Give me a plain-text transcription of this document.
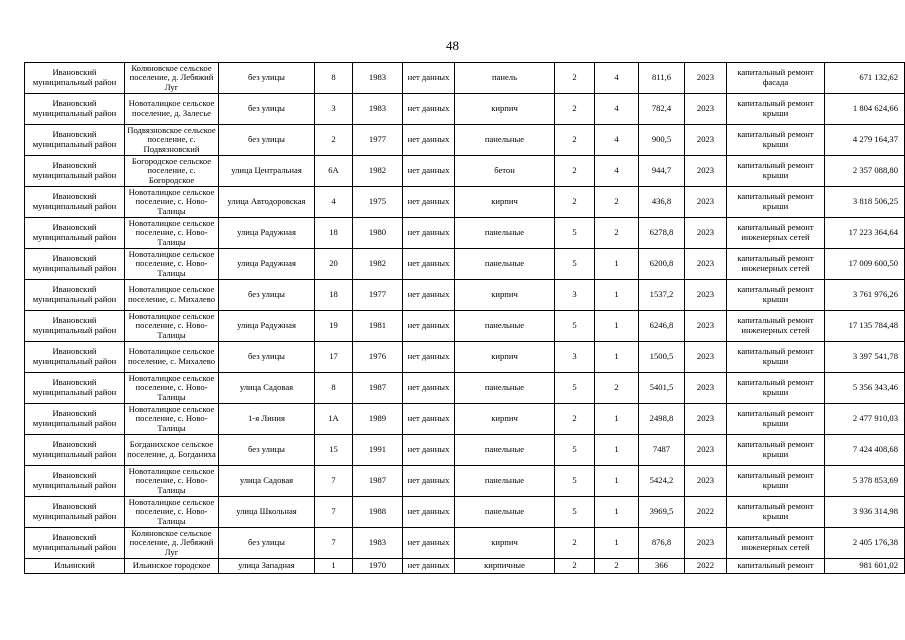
48
Ивановский муниципальный район	Коляновское сельское поселение, д. Лебяжий Луг	без улицы	8	1983	нет данных	панель	2	4	811,6	2023	капитальный ремонт фасада	671 132,62
Ивановский муниципальный район	Новоталицкое сельское поселение, д. Залесье	без улицы	3	1983	нет данных	кирпич	2	4	782,4	2023	капитальный ремонт крыши	1 804 624,66
Ивановский муниципальный район	Подвязновское сельское поселение, с. Подвязновский	без улицы	2	1977	нет данных	панельные	2	4	900,5	2023	капитальный ремонт крыши	4 279 164,37
Ивановский муниципальный район	Богородское сельское поселение, с. Богородское	улица Центральная	6А	1982	нет данных	бетон	2	4	944,7	2023	капитальный ремонт крыши	2 357 088,80
Ивановский муниципальный район	Новоталицкое сельское поселение, с. Ново-Талицы	улица Автодоровская	4	1975	нет данных	кирпич	2	2	436,8	2023	капитальный ремонт крыши	3 818 506,25
Ивановский муниципальный район	Новоталицкое сельское поселение, с. Ново-Талицы	улица Радужная	18	1980	нет данных	панельные	5	2	6278,8	2023	капитальный ремонт инженерных сетей	17 223 364,64
Ивановский муниципальный район	Новоталицкое сельское поселение, с. Ново-Талицы	улица Радужная	20	1982	нет данных	панельные	5	1	6200,8	2023	капитальный ремонт инженерных сетей	17 009 600,50
Ивановский муниципальный район	Новоталицкое сельское поселение, с. Михалево	без улицы	18	1977	нет данных	кирпич	3	1	1537,2	2023	капитальный ремонт крыши	3 761 976,26
Ивановский муниципальный район	Новоталицкое сельское поселение, с. Ново-Талицы	улица Радужная	19	1981	нет данных	панельные	5	1	6246,8	2023	капитальный ремонт инженерных сетей	17 135 784,48
Ивановский муниципальный район	Новоталицкое сельское поселение, с. Михалево	без улицы	17	1976	нет данных	кирпич	3	1	1500,5	2023	капитальный ремонт крыши	3 397 541,78
Ивановский муниципальный район	Новоталицкое сельское поселение, с. Ново-Талицы	улица Садовая	8	1987	нет данных	панельные	5	2	5401,5	2023	капитальный ремонт крыши	5 356 343,46
Ивановский муниципальный район	Новоталицкое сельское поселение, с. Ново-Талицы	1-я Линия	1А	1989	нет данных	кирпич	2	1	2498,8	2023	капитальный ремонт крыши	2 477 910,03
Ивановский муниципальный район	Богданихское сельское поселение, д. Богданиха	без улицы	15	1991	нет данных	панельные	5	1	7487	2023	капитальный ремонт крыши	7 424 408,68
Ивановский муниципальный район	Новоталицкое сельское поселение, с. Ново-Талицы	улица Садовая	7	1987	нет данных	панельные	5	1	5424,2	2023	капитальный ремонт крыши	5 378 853,69
Ивановский муниципальный район	Новоталицкое сельское поселение, с. Ново-Талицы	улица Школьная	7	1988	нет данных	панельные	5	1	3969,5	2022	капитальный ремонт крыши	3 936 314,98
Ивановский муниципальный район	Коляновское сельское поселение, д. Лебяжий Луг	без улицы	7	1983	нет данных	кирпич	2	1	876,8	2023	капитальный ремонт инженерных сетей	2 405 176,38
Ильинский	Ильинское городское	улица Западная	1	1970	нет данных	кирпичные	2	2	366	2022	капитальный ремонт	981 601,02
